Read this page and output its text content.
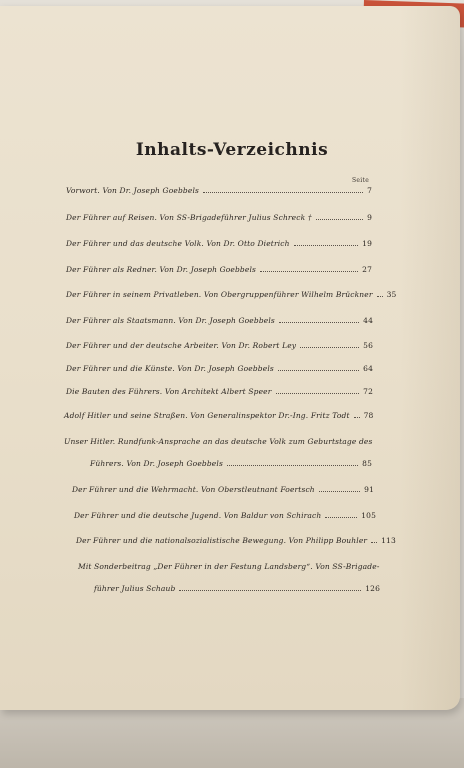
Inhalts-Verzeichnis
Seite
Vorwort. Von Dr. Joseph Goebbels	7
Der Führer auf Reisen. Von SS-Brigadeführer Julius Schreck †	9
Der Führer und das deutsche Volk. Von Dr. Otto Dietrich	19
Der Führer als Redner. Von Dr. Joseph Goebbels	27
Der Führer in seinem Privatleben. Von Obergruppenführer Wilhelm Brückner 35
Der Führer als Staatsmann. Von Dr. Joseph Goebbels	44
Der Führer und der deutsche Arbeiter. Von Dr. Robert Ley	56
Der Führer und die Künste. Von Dr. Joseph Goebbels	64
Die Bauten des Führers. Von Architekt Albert Speer	72
Adolf Hitler und seine Straßen. Von Generalinspektor Dr.-Ing. Fritz Todt 78
Unser Hitler. Rundfunk-Ansprache an das deutsche Volk zum Geburtstage des
Führers. Von Dr. Joseph Goebbels	85
Der Führer und die Wehrmacht. Von Oberstleutnant Foertsch	91
Der Führer und die deutsche Jugend. Von Baldur von Schirach	105
Der Führer und die nationalsozialistische Bewegung. Von Philipp Bouhler 113
Mit Sonderbeitrag „Der Führer in der Festung Landsberg“. Von SS-Brigade-
führer Julius Schaub	126
